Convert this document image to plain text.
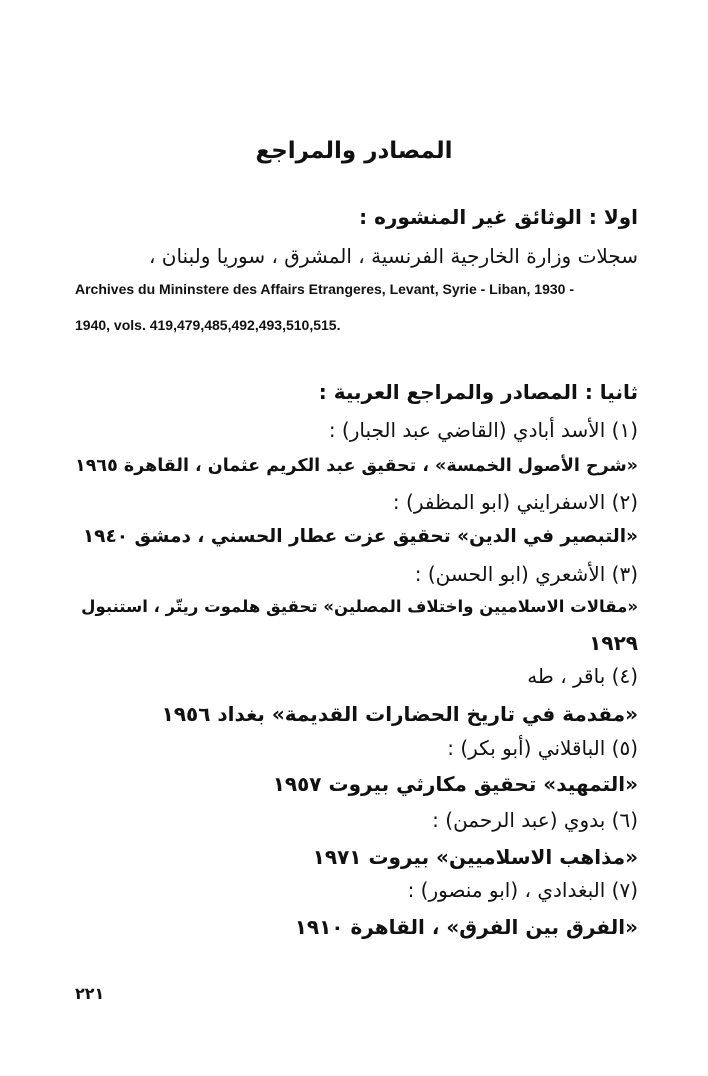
المصادر والمراجع
اولا : الوثائق غير المنشوره :
سجلات وزارة الخارجية الفرنسية ، المشرق ، سوريا ولبنان ،
Archives du Mininstere des Affairs Etrangeres, Levant, Syrie - Liban, 1930 -
1940, vols. 419,479,485,492,493,510,515.
ثانيا : المصادر والمراجع العربية :
(١) الأسد أبادي (القاضي عبد الجبار) :
«شرح الأصول الخمسة» ، تحقيق عبد الكريم عثمان ، القاهرة ١٩٦٥
(٢) الاسفرايني (ابو المظفر) :
«التبصير في الدين» تحقيق عزت عطار الحسني ، دمشق ١٩٤٠
(٣) الأشعري (ابو الحسن) :
«مقالات الاسلاميين واختلاف المصلين» تحقيق هلموت ريتّر ، استنبول
١٩٢٩
(٤) باقر ، طه
«مقدمة في تاريخ الحضارات القديمة» بغداد ١٩٥٦
(٥) الباقلاني (أبو بكر) :
«التمهيد» تحقيق مكارثي بيروت ١٩٥٧
(٦) بدوي (عبد الرحمن) :
«مذاهب الاسلاميين» بيروت ١٩٧١
(٧) البغدادي ، (ابو منصور) :
«الفرق بين الفرق» ، القاهرة ١٩١٠
٢٢١
